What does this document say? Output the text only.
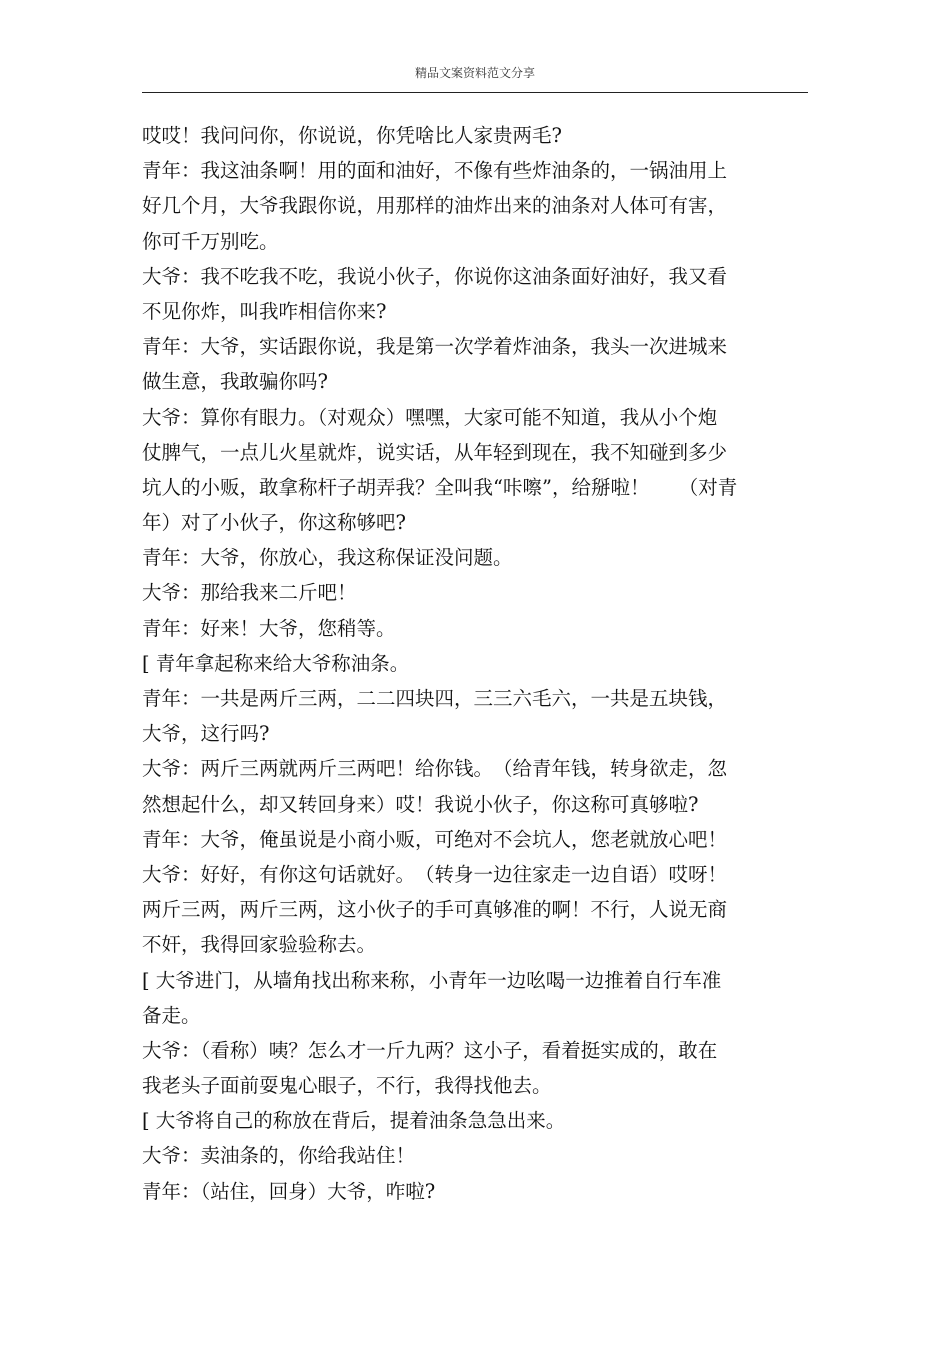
精品文案资料范文分享
哎哎！我问问你，你说说，你凭啥比人家贵两毛?
青年：我这油条啊！用的面和油好，不像有些炸油条的，一锅油用上
好几个月，大爷我跟你说，用那样的油炸出来的油条对人体可有害，
你可千万别吃。
大爷：我不吃我不吃，我说小伙子，你说你这油条面好油好，我又看
不见你炸，叫我咋相信你来?
青年：大爷，实话跟你说，我是第一次学着炸油条，我头一次进城来
做生意，我敢骗你吗?
大爷：算你有眼力。（对观众）嘿嘿，大家可能不知道，我从小个炮
仗脾气，一点儿火星就炸，说实话，从年轻到现在，我不知碰到多少
坑人的小贩，敢拿称杆子胡弄我？全叫我“咔嚓”，给掰啦！　　（对青
年）对了小伙子，你这称够吧?
青年：大爷，你放心，我这称保证没问题。
大爷：那给我来二斤吧！
青年：好来！大爷，您稍等。
[ 青年拿起称来给大爷称油条。
青年：一共是两斤三两，二二四块四，三三六毛六，一共是五块钱，
大爷，这行吗?
大爷：两斤三两就两斤三两吧！给你钱。　（给青年钱，转身欲走，忽
然想起什么，却又转回身来）哎！我说小伙子，你这称可真够啦?
青年：大爷，俺虽说是小商小贩，可绝对不会坑人，您老就放心吧！
大爷：好好，有你这句话就好。　（转身一边往家走一边自语）哎呀！
两斤三两，两斤三两，这小伙子的手可真够准的啊！不行，人说无商
不奸，我得回家验验称去。
[ 大爷进门，从墙角找出称来称，小青年一边吆喝一边推着自行车准
备走。
大爷：（看称）咦？怎么才一斤九两？这小子，看着挺实成的，敢在
我老头子面前耍鬼心眼子，不行，我得找他去。
[ 大爷将自己的称放在背后，提着油条急急出来。
大爷：卖油条的，你给我站住！
青年：（站住，回身）大爷，咋啦?
